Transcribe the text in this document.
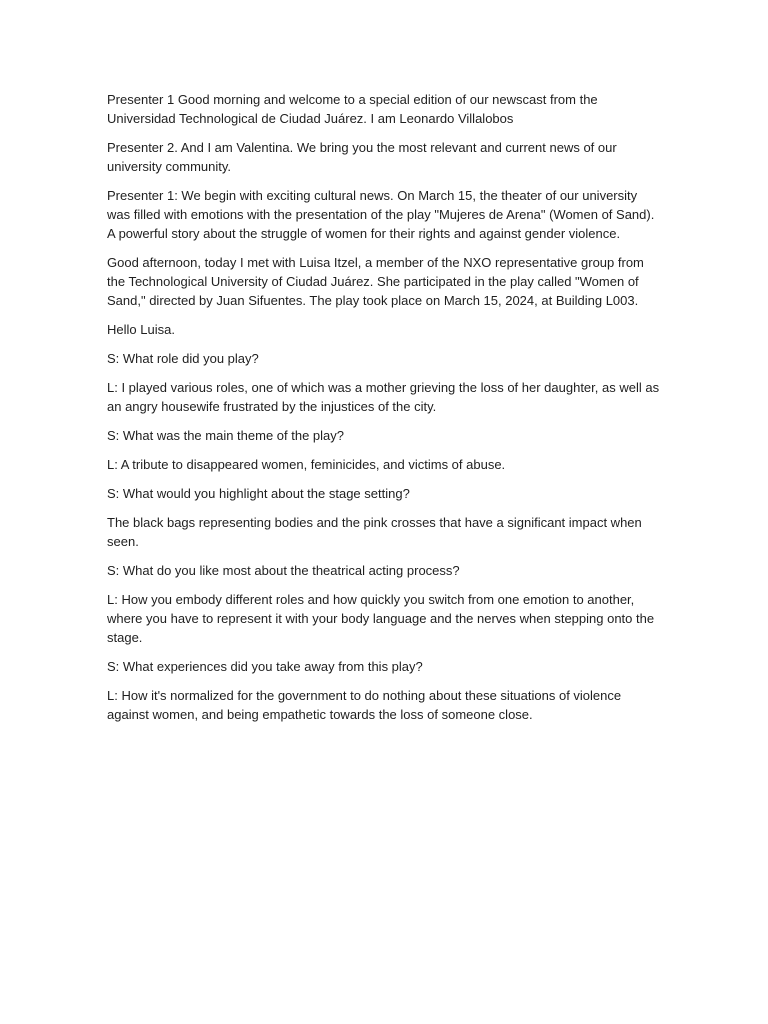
Presenter 1 Good morning and welcome to a special edition of our newscast from the Universidad Technological de Ciudad Juárez. I am Leonardo Villalobos

Presenter 2. And I am Valentina. We bring you the most relevant and current news of our university community.

Presenter 1: We begin with exciting cultural news. On March 15, the theater of our university was filled with emotions with the presentation of the play "Mujeres de Arena" (Women of Sand). A powerful story about the struggle of women for their rights and against gender violence.

Good afternoon, today I met with Luisa Itzel, a member of the NXO representative group from the Technological University of Ciudad Juárez. She participated in the play called "Women of Sand," directed by Juan Sifuentes. The play took place on March 15, 2024, at Building L003.

Hello Luisa.

S: What role did you play?

L: I played various roles, one of which was a mother grieving the loss of her daughter, as well as an angry housewife frustrated by the injustices of the city.

S: What was the main theme of the play?

L: A tribute to disappeared women, feminicides, and victims of abuse.

S: What would you highlight about the stage setting?

The black bags representing bodies and the pink crosses that have a significant impact when seen.

S: What do you like most about the theatrical acting process?

L: How you embody different roles and how quickly you switch from one emotion to another, where you have to represent it with your body language and the nerves when stepping onto the stage.

S: What experiences did you take away from this play?

L: How it's normalized for the government to do nothing about these situations of violence against women, and being empathetic towards the loss of someone close.
